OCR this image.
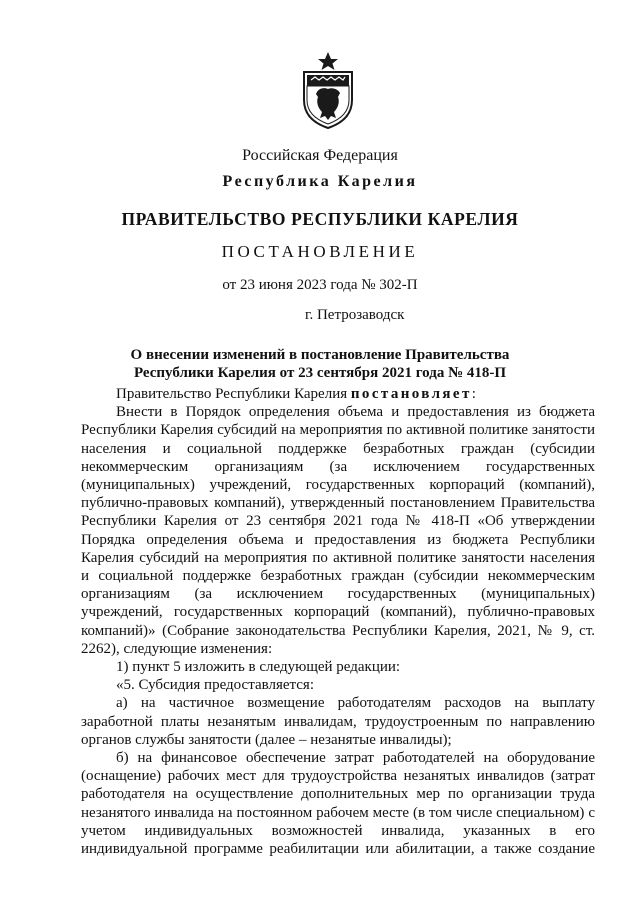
Российская Федерация
Республика Карелия
ПРАВИТЕЛЬСТВО РЕСПУБЛИКИ КАРЕЛИЯ
ПОСТАНОВЛЕНИЕ
от 23 июня 2023 года № 302-П
г. Петрозаводск
О внесении изменений в постановление Правительства
Республики Карелия от 23 сентября 2021 года № 418-П

Правительство Республики Карелия постановляет:

Внести в Порядок определения объема и предоставления из бюджета Республики Карелия субсидий на мероприятия по активной политике занятости населения и социальной поддержке безработных граждан (субсидии некоммерческим организациям (за исключением государственных (муниципальных) учреждений, государственных корпораций (компаний), публично-правовых компаний), утвержденный постановлением Правительства Республики Карелия от 23 сентября 2021 года № 418-П «Об утверждении Порядка определения объема и предоставления из бюджета Республики Карелия субсидий на мероприятия по активной политике занятости населения и социальной поддержке безработных граждан (субсидии некоммерческим организациям (за исключением государственных (муниципальных) учреждений, государственных корпораций (компаний), публично-правовых компаний)» (Собрание законодательства Республики Карелия, 2021, № 9, ст. 2262), следующие изменения:

1) пункт 5 изложить в следующей редакции:

«5. Субсидия предоставляется:

а) на частичное возмещение работодателям расходов на выплату заработной платы незанятым инвалидам, трудоустроенным по направлению органов службы занятости (далее – незанятые инвалиды);

б) на финансовое обеспечение затрат работодателей на оборудование (оснащение) рабочих мест для трудоустройства незанятых инвалидов (затрат работодателя на осуществление дополнительных мер по организации труда незанятого инвалида на постоянном рабочем месте (в том числе специальном) с учетом индивидуальных возможностей инвалида, указанных в его индивидуальной программе реабилитации или абилитации, а также создание
